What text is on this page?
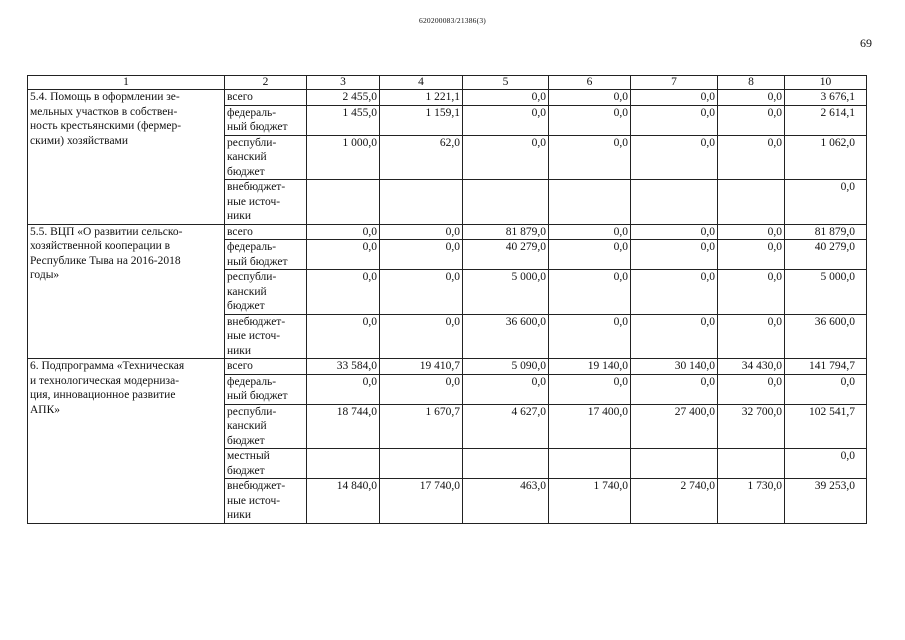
620200083/21386(3)
69
1	2	3	4	5	6	7	8	10
5.4. Помощь в оформлении зе-
мельных участков в собствен-
ность крестьянскими (фермер-
скими) хозяйствами	всего	2 455,0	1 221,1	0,0	0,0	0,0	0,0	3 676,1
	федераль-
ный бюджет	1 455,0	1 159,1	0,0	0,0	0,0	0,0	2 614,1
	республи-
канский
бюджет	1 000,0	62,0	0,0	0,0	0,0	0,0	1 062,0
	внебюджет-
ные источ-
ники							0,0
5.5. ВЦП «О развитии сельско-
хозяйственной кооперации в
Республике Тыва на 2016-2018
годы»	всего	0,0	0,0	81 879,0	0,0	0,0	0,0	81 879,0
	федераль-
ный бюджет	0,0	0,0	40 279,0	0,0	0,0	0,0	40 279,0
	республи-
канский
бюджет	0,0	0,0	5 000,0	0,0	0,0	0,0	5 000,0
	внебюджет-
ные источ-
ники	0,0	0,0	36 600,0	0,0	0,0	0,0	36 600,0
6. Подпрограмма «Техническая
и технологическая модерниза-
ция, инновационное развитие
АПК»	всего	33 584,0	19 410,7	5 090,0	19 140,0	30 140,0	34 430,0	141 794,7
	федераль-
ный бюджет	0,0	0,0	0,0	0,0	0,0	0,0	0,0
	республи-
канский
бюджет	18 744,0	1 670,7	4 627,0	17 400,0	27 400,0	32 700,0	102 541,7
	местный
бюджет							0,0
	внебюджет-
ные источ-
ники	14 840,0	17 740,0	463,0	1 740,0	2 740,0	1 730,0	39 253,0
